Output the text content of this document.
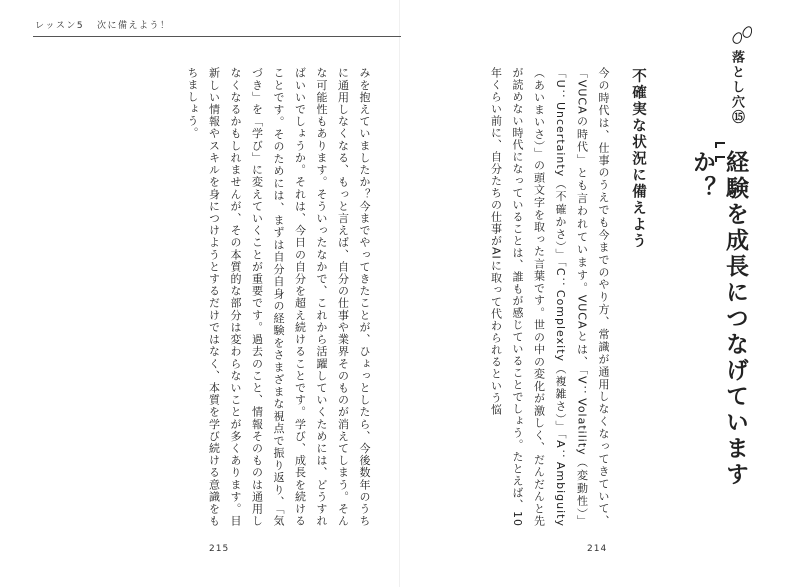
レッスン5 次に備えよう！
落とし穴⑮
経験を成長につなげていますか？
不確実な状況に備えよう
今の時代は、仕事のうえでも今までのやり方、常識が通用しなくなってきていて、「VUCAの時代」とも言われています。VUCAとは、「V：Volatility（変動性）」「U：Uncertainty（不確かさ）」「C：Complexity（複雑さ）」「A：Ambiguity（あいまいさ）」の頭文字を取った言葉です。世の中の変化が激しく、だんだんと先が読めない時代になっていることは、誰もが感じていることでしょう。たとえば、10年くらい前に、自分たちの仕事がAIに取って代わられるという悩
みを抱えていましたか？今までやってきたことが、ひょっとしたら、今後数年のうちに通用しなくなる、もっと言えば、自分の仕事や業界そのものが消えてしまう。そんな可能性もあります。そういったなかで、これから活躍していくためには、どうすればいいでしょうか。それは、今日の自分を超え続けることです。学び、成長を続けることです。そのためには、まずは自分自身の経験をさまざまな視点で振り返り、「気づき」を「学び」に変えていくことが重要です。過去のこと、情報そのものは通用しなくなるかもしれませんが、その本質的な部分は変わらないことが多くあります。目新しい情報やスキルを身につけようとするだけではなく、本質を学び続ける意識をもちましょう。
215	214
